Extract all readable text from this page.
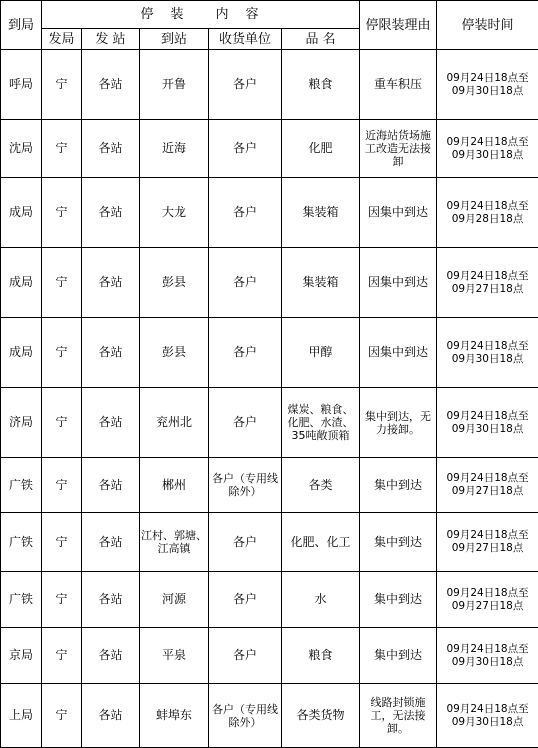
到局	停　装　　内　容					停限装理由	停装时间
	发局	发 站	到站	收货单位	品 名		
呼局	宁	各站	开鲁	各户	粮食	重车积压	09月24日18点至
09月30日18点

沈局	宁	各站	近海	各户	化肥	近海站货场施工改造无法接卸	09月24日18点至
09月30日18点

成局	宁	各站	大龙	各户	集装箱	因集中到达	09月24日18点至
09月28日18点

成局	宁	各站	彭县	各户	集装箱	因集中到达	09月24日18点至
09月27日18点

成局	宁	各站	彭县	各户	甲醇	因集中到达	09月24日18点至
09月30日18点

济局	宁	各站	兖州北	各户	煤炭、粮食、化肥、水渣、35吨敞顶箱	集中到达，无力接卸。	09月24日18点至
09月30日18点

广铁	宁	各站	郴州	各户（专用线除外）	各类	集中到达	09月24日18点至
09月27日18点

广铁	宁	各站	江村、郭塘、江高镇	各户	化肥、化工	集中到达	09月24日18点至
09月27日18点

广铁	宁	各站	河源	各户	水	集中到达	09月24日18点至
09月27日18点

京局	宁	各站	平泉	各户	粮食	集中到达	09月24日18点至
09月30日18点

上局	宁	各站	蚌埠东	各户（专用线除外）	各类货物	线路封锁施工，无法接卸。	09月24日18点至
09月30日18点
